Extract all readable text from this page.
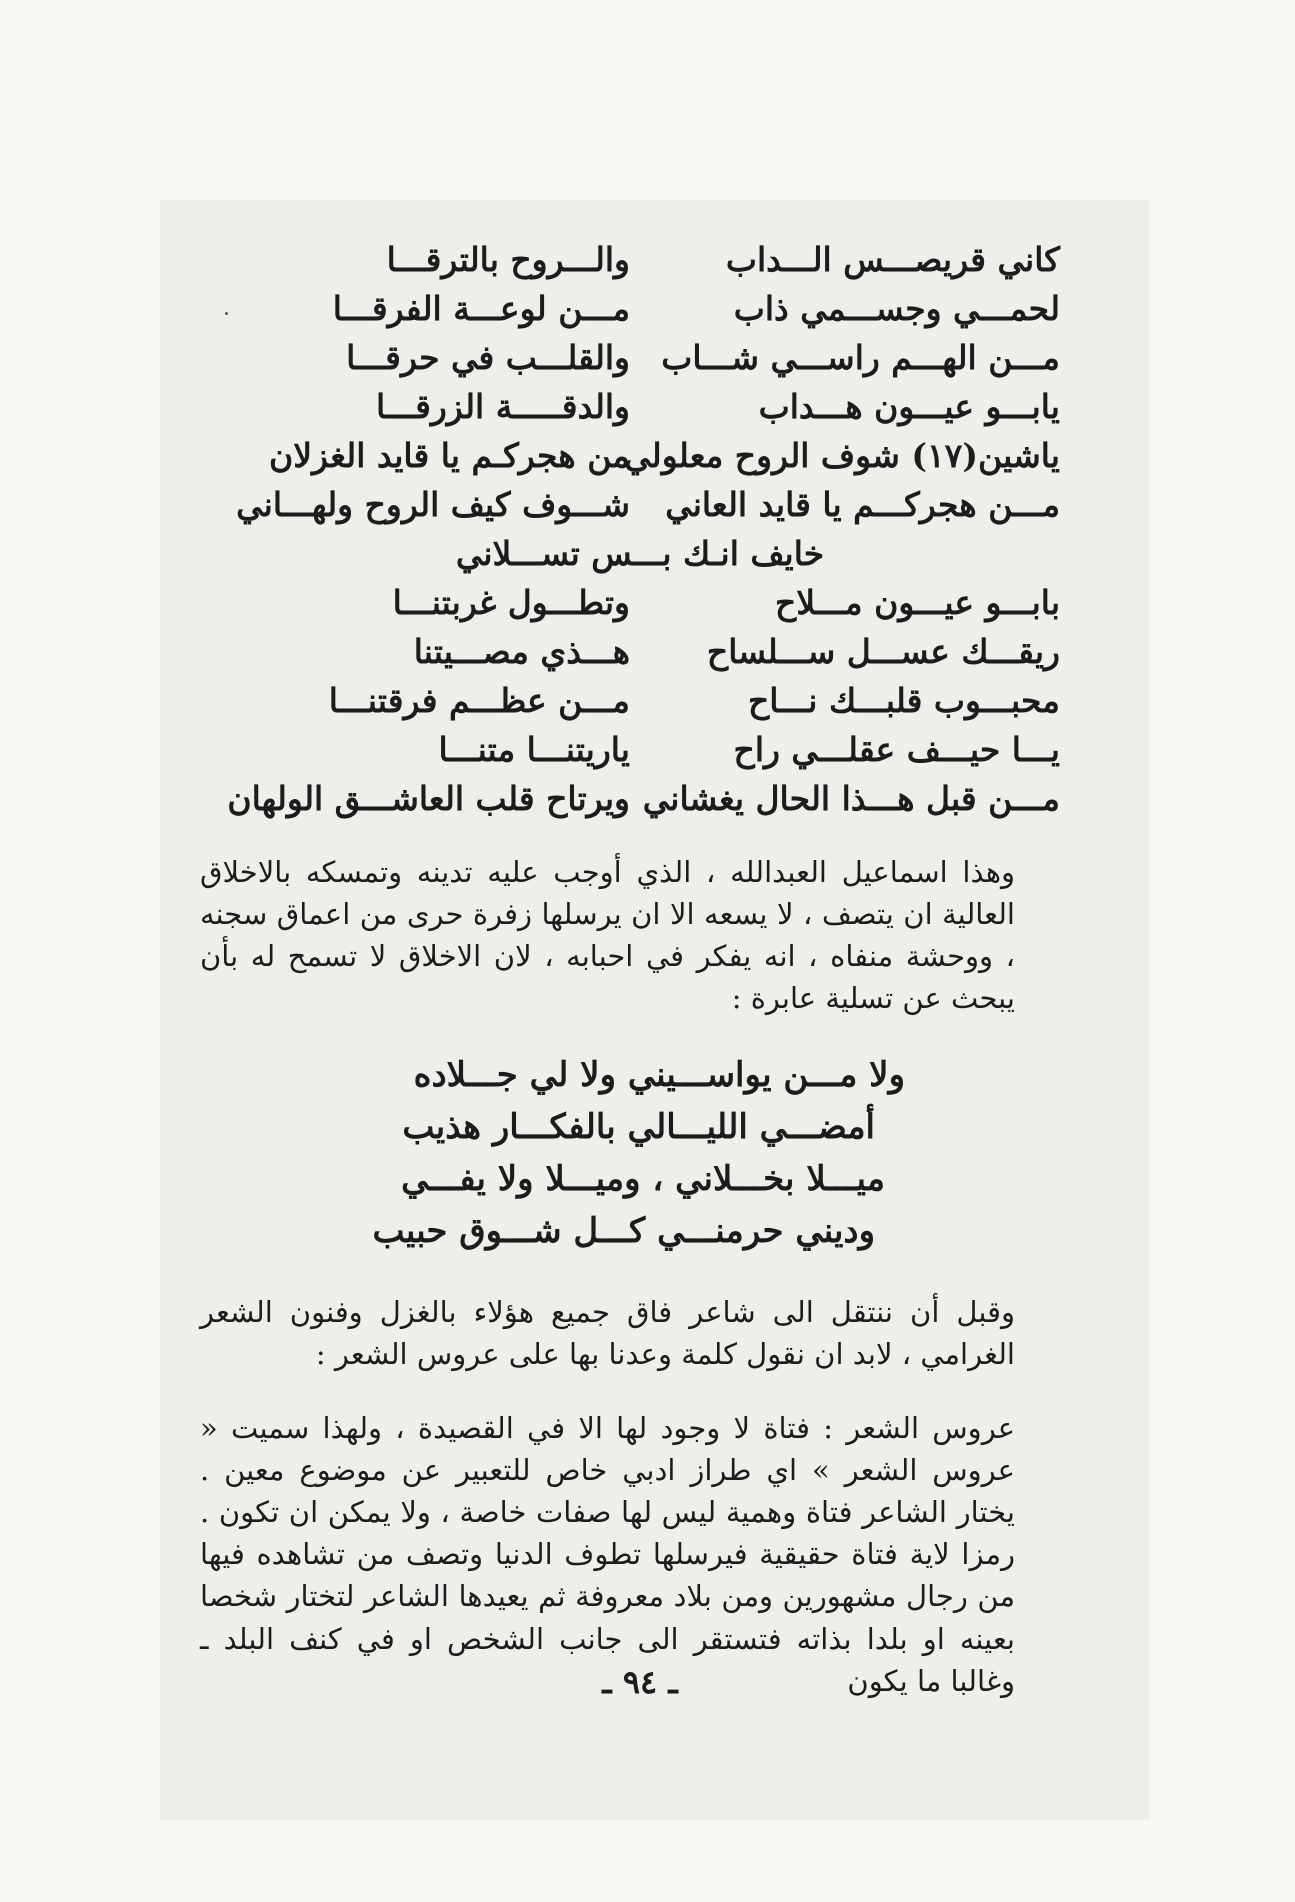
كاني قريصـــس الـــداب
والـــروح بالترقـــا
لحمـــي وجســـمي ذاب
مـــن لوعـــة الفرقـــا
مـــن الهـــم راســـي شـــاب
والقلـــب في حرقـــا
يابـــو عيـــون هـــداب
والدقـــــة الزرقـــا
ياشين(١٧) شوف الروح معلولي
من هجركـم يا قايد الغزلان
مـــن هجركـــم يا قايد العاني
شـــوف كيف الروح ولهـــاني
خايف انـك بـــس تســـلاني
بابـــو عيـــون مـــلاح
وتطـــول غربتنـــا
ريقـــك عســـل ســـلساح
هـــذي مصـــيتنا
محبـــوب قلبـــك نـــاح
مـــن عظـــم فرقتنـــا
يـــا حيـــف عقلـــي راح
ياريتنـــا متنـــا
مـــن قبل هـــذا الحال يغشاني
ويرتاح قلب العاشـــق الولهان

وهذا اسماعيل العبدالله ، الذي أوجب عليه تدينه وتمسكه بالاخلاق العالية ان يتصف ، لا يسعه الا ان يرسلها زفرة حرى من اعماق سجنه ، ووحشة منفاه ، انه يفكر في احبابه ، لان الاخلاق لا تسمح له بأن يبحث عن تسلية عابرة :

ولا مـــن يواســـيني ولا لي جـــلاده
أمضـــي الليـــالي بالفكـــار هذيب
ميـــلا بخـــلاني ، وميـــلا ولا يفـــي
وديني حرمنـــي كـــل شـــوق حبيب

وقبل أن ننتقل الى شاعر فاق جميع هؤلاء بالغزل وفنون الشعر الغرامي ، لابد ان نقول كلمة وعدنا بها على عروس الشعر :

عروس الشعر : فتاة لا وجود لها الا في القصيدة ، ولهذا سميت « عروس الشعر » اي طراز ادبي خاص للتعبير عن موضوع معين . يختار الشاعر فتاة وهمية ليس لها صفات خاصة ، ولا يمكن ان تكون . رمزا لاية فتاة حقيقية فيرسلها تطوف الدنيا وتصف من تشاهده فيها من رجال مشهورين ومن بلاد معروفة ثم يعيدها الشاعر لتختار شخصا بعينه او بلدا بذاته فتستقر الى جانب الشخص او في كنف البلد ـ وغالبا ما يكون

ـ ٩٤ ـ
